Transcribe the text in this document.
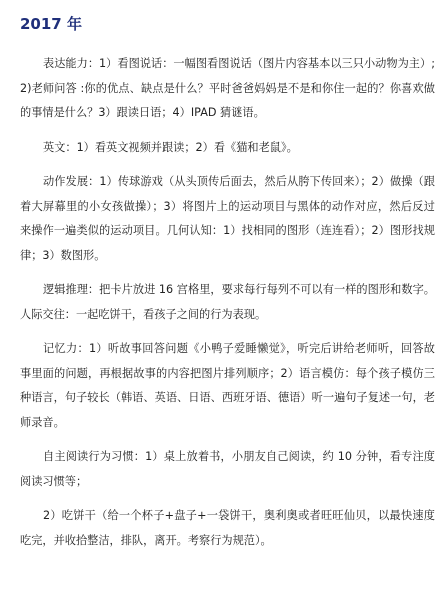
2017 年

表达能力：1）看图说话：一幅图看图说话（图片内容基本以三只小动物为主）;2)老师问答 :你的优点、缺点是什么？平时爸爸妈妈是不是和你住一起的？你喜欢做的事情是什么？3）跟读日语；4）IPAD 猜谜语。

英文：1）看英文视频并跟读；2）看《猫和老鼠》。

动作发展：1）传球游戏（从头顶传后面去，然后从胯下传回来）；2）做操（跟着大屏幕里的小女孩做操）；3）将图片上的运动项目与黑体的动作对应，然后反过来操作一遍类似的运动项目。几何认知：1）找相同的图形（连连看）；2）图形找规律；3）数图形。

逻辑推理：把卡片放进 16 宫格里，要求每行每列不可以有一样的图形和数字。人际交往：一起吃饼干，看孩子之间的行为表现。

记忆力：1）听故事回答问题《小鸭子爱睡懒觉》，听完后讲给老师听，回答故事里面的问题，再根据故事的内容把图片排列顺序；2）语言模仿：每个孩子模仿三种语言，句子较长（韩语、英语、日语、西班牙语、德语）听一遍句子复述一句，老师录音。

自主阅读行为习惯：1）桌上放着书，小朋友自己阅读，约 10 分钟，看专注度阅读习惯等；

2）吃饼干（给一个杯子+盘子+一袋饼干，奥利奥或者旺旺仙贝，以最快速度吃完，并收拾整洁，排队，离开。考察行为规范）。
